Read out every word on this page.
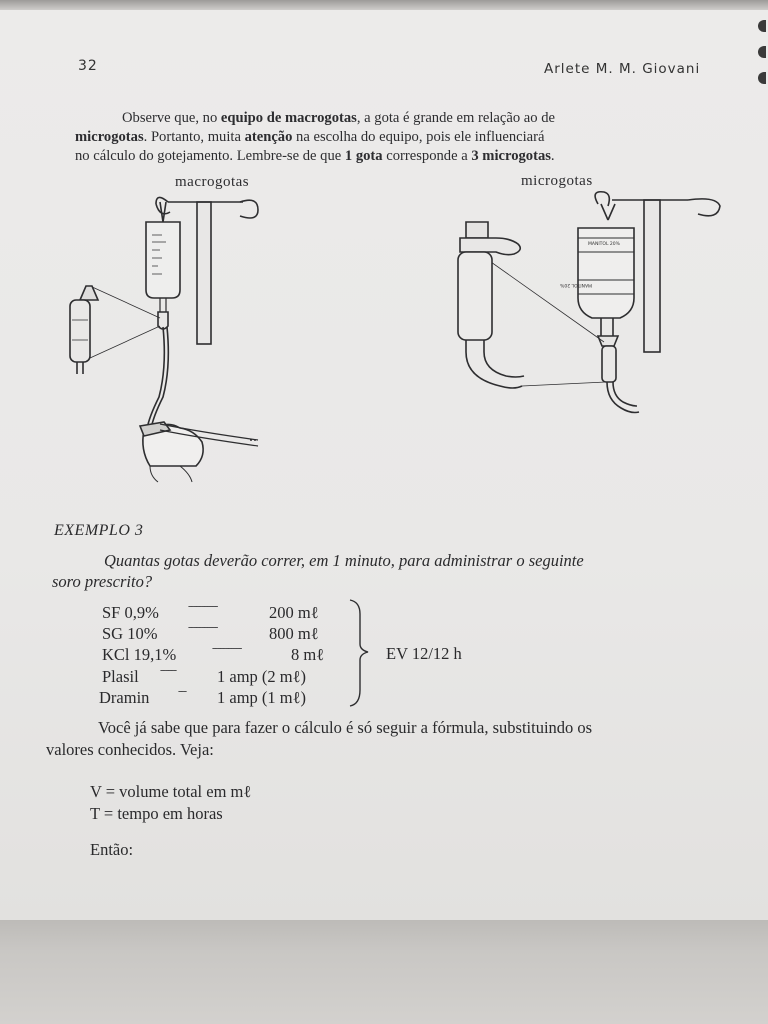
32	Arlete M. M. Giovani
Observe que, no equipo de macrogotas, a gota é grande em relação ao de
microgotas. Portanto, muita atenção na escolha do equipo, pois ele influenciará
no cálculo do gotejamento. Lembre-se de que 1 gota corresponde a 3 microgotas.
macrogotas	microgotas
MANITOL 20%
MANITOL 20%
EXEMPLO 3
Quantas gotas deverão correr, em 1 minuto, para administrar o seguinte
soro prescrito?
SF 0,9%	-----------	200 mℓ
SG 10%	-----------	800 mℓ
KCl 19,1%	-----------	8 mℓ
Plasil ------ 1 amp (2 mℓ)
Dramin	--- 1 amp (1 mℓ)
EV 12/12 h
Você já sabe que para fazer o cálculo é só seguir a fórmula, substituindo os
valores conhecidos. Veja:
V = volume total em mℓ
T = tempo em horas
Então:
